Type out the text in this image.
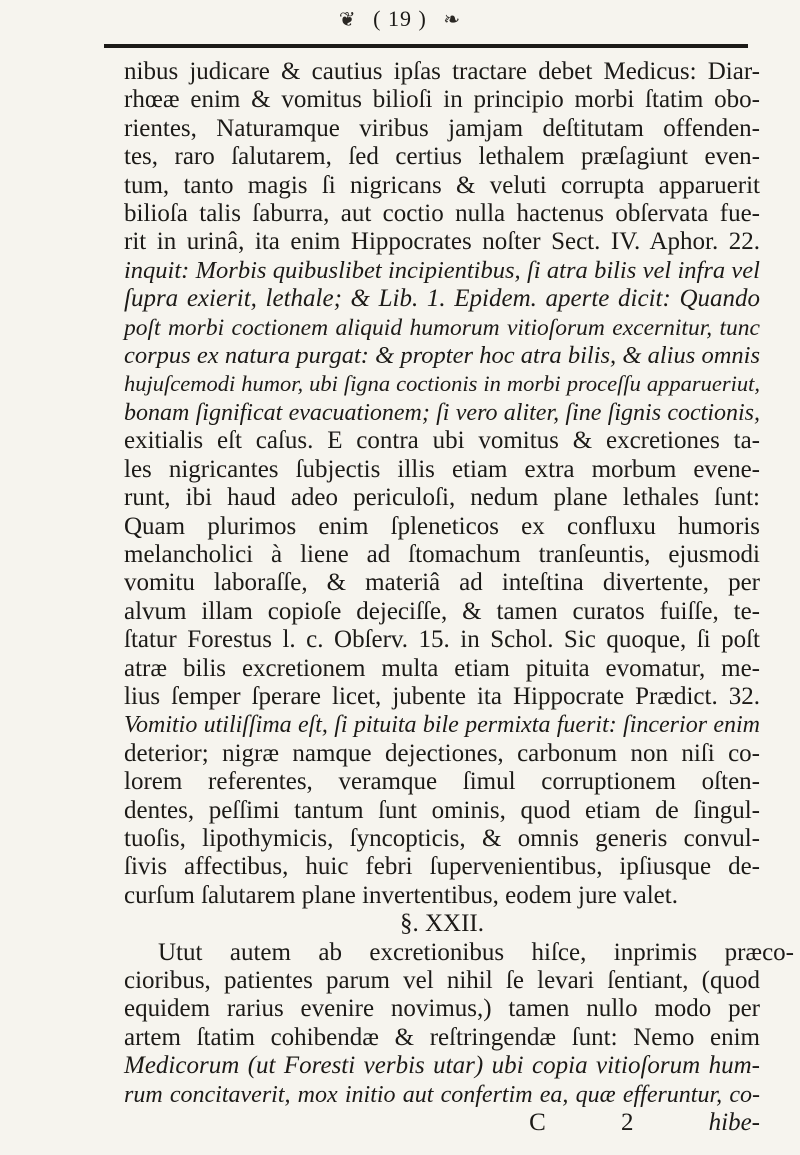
❦ ( 19 ) ❧
nibus judicare & cautius ipſas tractare debet Medicus: Diar-
rhœæ enim & vomitus bilioſi in principio morbi ſtatim obo-
rientes, Naturamque viribus jamjam deſtitutam offenden-
tes, raro ſalutarem, ſed certius lethalem præſagiunt even-
tum, tanto magis ſi nigricans & veluti corrupta apparuerit
bilioſa talis ſaburra, aut coctio nulla hactenus obſervata fue-
rit in urinâ, ita enim Hippocrates noſter Sect. IV. Aphor. 22.
inquit: Morbis quibuslibet incipientibus, ſi atra bilis vel infra vel
ſupra exierit, lethale; & Lib. 1. Epidem. aperte dicit: Quando
poſt morbi coctionem aliquid humorum vitioſorum excernitur, tunc
corpus ex natura purgat: & propter hoc atra bilis, & alius omnis
hujuſcemodi humor, ubi ſigna coctionis in morbi proceſſu apparueriut,
bonam ſignificat evacuationem; ſi vero aliter, ſine ſignis coctionis,
exitialis eſt caſus. E contra ubi vomitus & excretiones ta-
les nigricantes ſubjectis illis etiam extra morbum evene-
runt, ibi haud adeo periculoſi, nedum plane lethales ſunt:
Quam plurimos enim ſpleneticos ex confluxu humoris
melancholici à liene ad ſtomachum tranſeuntis, ejusmodi
vomitu laboraſſe, & materiâ ad inteſtina divertente, per
alvum illam copioſe dejeciſſe, & tamen curatos fuiſſe, te-
ſtatur Forestus l. c. Obſerv. 15. in Schol. Sic quoque, ſi poſt
atræ bilis excretionem multa etiam pituita evomatur, me-
lius ſemper ſperare licet, jubente ita Hippocrate Prædict. 32.
Vomitio utiliſſima eſt, ſi pituita bile permixta fuerit: ſincerior enim
deterior; nigræ namque dejectiones, carbonum non niſi co-
lorem referentes, veramque ſimul corruptionem oſten-
dentes, peſſimi tantum ſunt ominis, quod etiam de ſingul-
tuoſis, lipothymicis, ſyncopticis, & omnis generis convul-
ſivis affectibus, huic febri ſupervenientibus, ipſiusque de-
curſum ſalutarem plane invertentibus, eodem jure valet.
§. XXII.
Utut autem ab excretionibus hiſce, inprimis præco-
cioribus, patientes parum vel nihil ſe levari ſentiant, (quod
equidem rarius evenire novimus,) tamen nullo modo per
artem ſtatim cohibendæ & reſtringendæ ſunt: Nemo enim
Medicorum (ut Foresti verbis utar) ubi copia vitioſorum hum-
rum concitaverit, mox initio aut confertim ea, quæ efferuntur, co-
C 2	hibe-
